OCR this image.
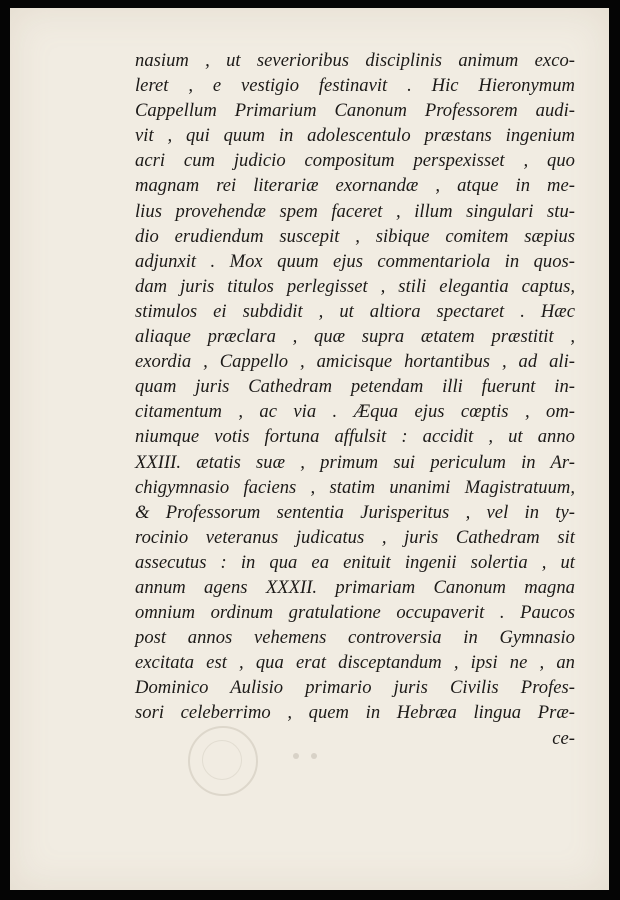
nasium , ut severioribus disciplinis animum exco-
leret , e vestigio festinavit . Hic Hieronymum
Cappellum Primarium Canonum Professorem audi-
vit , qui quum in adolescentulo præstans ingenium
acri cum judicio compositum perspexisset , quo
magnam rei literariæ exornandæ , atque in me-
lius provehendæ spem faceret , illum singulari stu-
dio erudiendum suscepit , sibique comitem sæpius
adjunxit . Mox quum ejus commentariola in quos-
dam juris titulos perlegisset , stili elegantia captus,
stimulos ei subdidit , ut altiora spectaret . Hæc
aliaque præclara , quæ supra ætatem præstitit ,
exordia , Cappello , amicisque hortantibus , ad ali-
quam juris Cathedram petendam illi fuerunt in-
citamentum , ac via . Æqua ejus cœptis , om-
niumque votis fortuna affulsit : accidit , ut anno
XXIII. ætatis suæ , primum sui periculum in Ar-
chigymnasio faciens , statim unanimi Magistratuum,
& Professorum sententia Jurisperitus , vel in ty-
rocinio veteranus judicatus , juris Cathedram sit
assecutus : in qua ea enituit ingenii solertia , ut
annum agens XXXII. primariam Canonum magna
omnium ordinum gratulatione occupaverit . Paucos
post annos vehemens controversia in Gymnasio
excitata est , qua erat disceptandum , ipsi ne , an
Dominico Aulisio primario juris Civilis Profes-
sori celeberrimo , quem in Hebræa lingua Præ-
ce-
